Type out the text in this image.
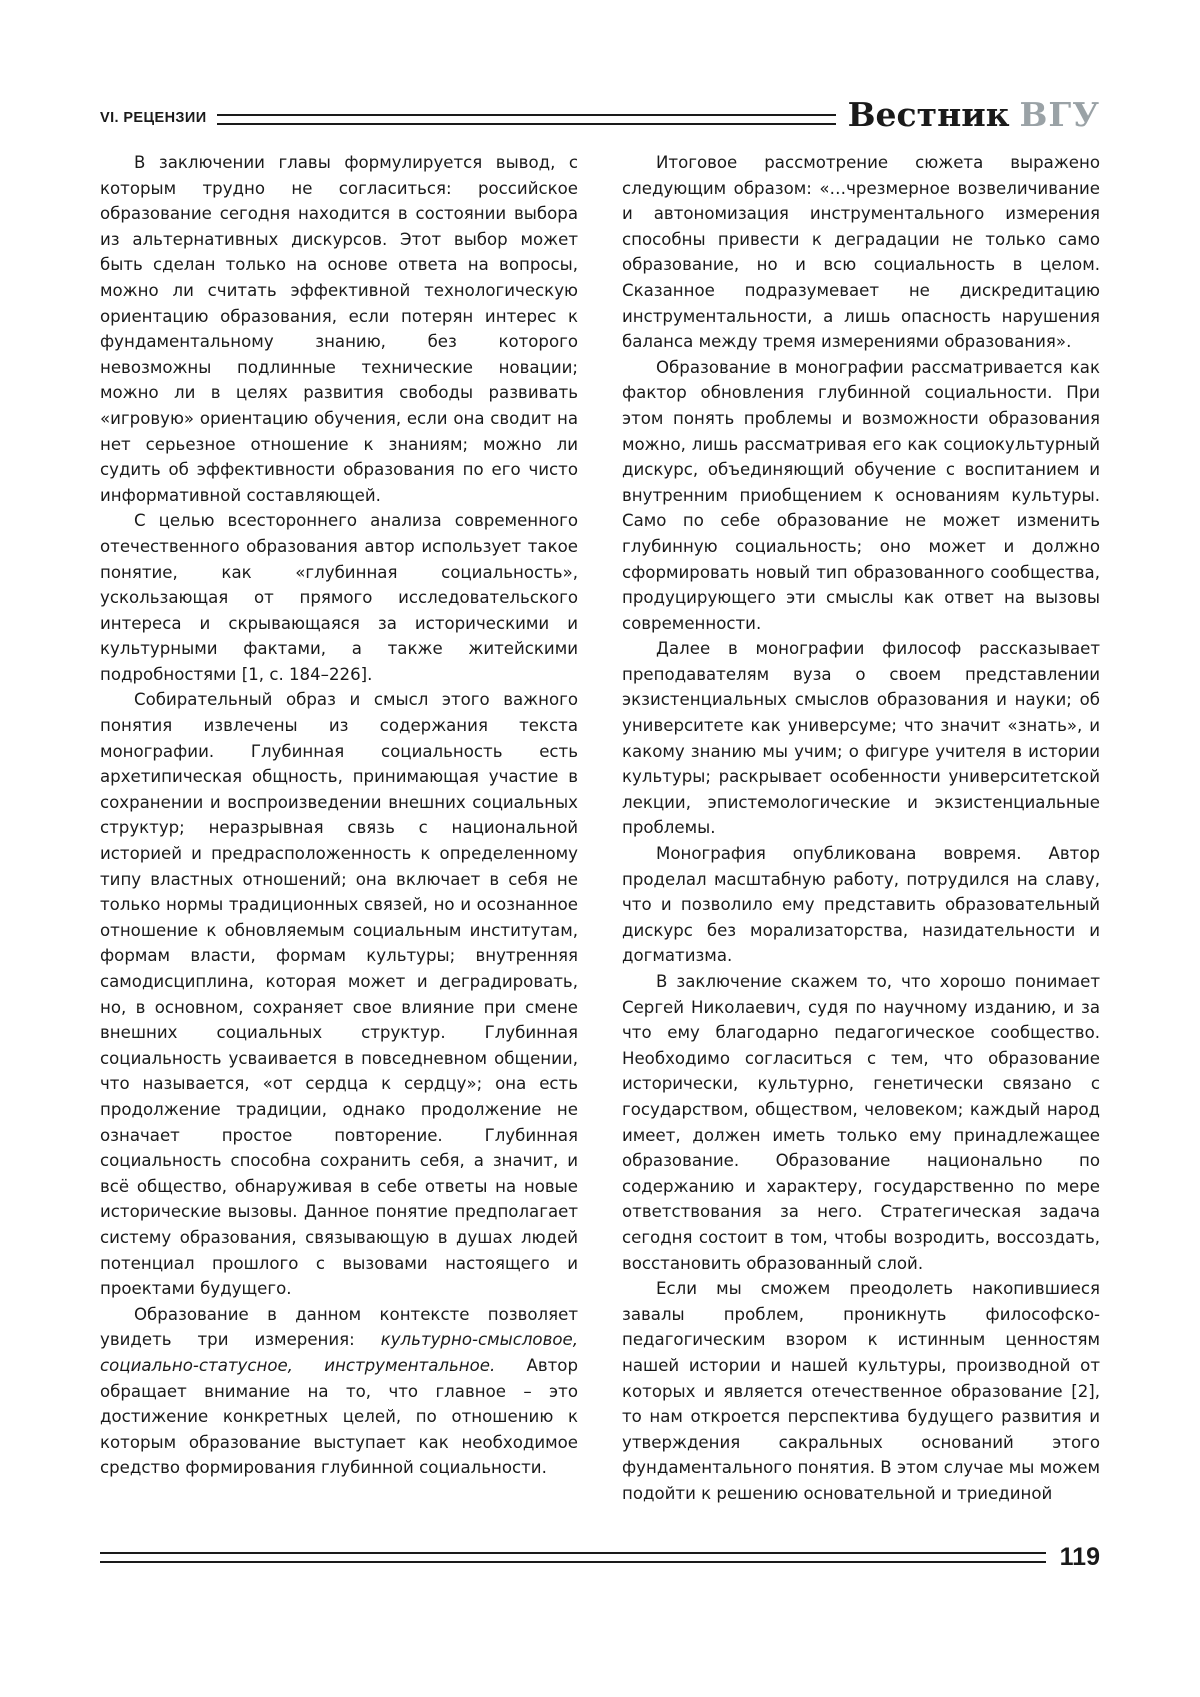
VI. РЕЦЕНЗИИ	Вестник ВГУ

В заключении главы формулируется вывод, с которым трудно не согласиться: российское образование сегодня находится в состоянии выбора из альтернативных дискурсов. Этот выбор может быть сделан только на основе ответа на вопросы, можно ли считать эффективной технологическую ориентацию образования, если потерян интерес к фундаментальному знанию, без которого невозможны подлинные технические новации; можно ли в целях развития свободы развивать «игровую» ориентацию обучения, если она сводит на нет серьезное отношение к знаниям; можно ли судить об эффективности образования по его чисто информативной составляющей.

С целью всестороннего анализа современного отечественного образования автор использует такое понятие, как «глубинная социальность», ускользающая от прямого исследовательского интереса и скрывающаяся за историческими и культурными фактами, а также житейскими подробностями [1, с. 184–226].

Собирательный образ и смысл этого важного понятия извлечены из содержания текста монографии. Глубинная социальность есть архетипическая общность, принимающая участие в сохранении и воспроизведении внешних социальных структур; неразрывная связь с национальной историей и предрасположенность к определенному типу властных отношений; она включает в себя не только нормы традиционных связей, но и осознанное отношение к обновляемым социальным институтам, формам власти, формам культуры; внутренняя самодисциплина, которая может и деградировать, но, в основном, сохраняет свое влияние при смене внешних социальных структур. Глубинная социальность усваивается в повседневном общении, что называется, «от сердца к сердцу»; она есть продолжение традиции, однако продолжение не означает простое повторение. Глубинная социальность способна сохранить себя, а значит, и всё общество, обнаруживая в себе ответы на новые исторические вызовы. Данное понятие предполагает систему образования, связывающую в душах людей потенциал прошлого с вызовами настоящего и проектами будущего.

Образование в данном контексте позволяет увидеть три измерения: культурно-смысловое, социально-статусное, инструментальное. Автор обращает внимание на то, что главное – это достижение конкретных целей, по отношению к которым образование выступает как необходимое средство формирования глубинной социальности.

Итоговое рассмотрение сюжета выражено следующим образом: «…чрезмерное возвеличивание и автономизация инструментального измерения способны привести к деградации не только само образование, но и всю социальность в целом. Сказанное подразумевает не дискредитацию инструментальности, а лишь опасность нарушения баланса между тремя измерениями образования».

Образование в монографии рассматривается как фактор обновления глубинной социальности. При этом понять проблемы и возможности образования можно, лишь рассматривая его как социокультурный дискурс, объединяющий обучение с воспитанием и внутренним приобщением к основаниям культуры. Само по себе образование не может изменить глубинную социальность; оно может и должно сформировать новый тип образованного сообщества, продуцирующего эти смыслы как ответ на вызовы современности.

Далее в монографии философ рассказывает преподавателям вуза о своем представлении экзистенциальных смыслов образования и науки; об университете как универсуме; что значит «знать», и какому знанию мы учим; о фигуре учителя в истории культуры; раскрывает особенности университетской лекции, эпистемологические и экзистенциальные проблемы.

Монография опубликована вовремя. Автор проделал масштабную работу, потрудился на славу, что и позволило ему представить образовательный дискурс без морализаторства, назидательности и догматизма.

В заключение скажем то, что хорошо понимает Сергей Николаевич, судя по научному изданию, и за что ему благодарно педагогическое сообщество. Необходимо согласиться с тем, что образование исторически, культурно, генетически связано с государством, обществом, человеком; каждый народ имеет, должен иметь только ему принадлежащее образование. Образование национально по содержанию и характеру, государственно по мере ответствования за него. Стратегическая задача сегодня состоит в том, чтобы возродить, воссоздать, восстановить образованный слой.

Если мы сможем преодолеть накопившиеся завалы проблем, проникнуть философско-педагогическим взором к истинным ценностям нашей истории и нашей культуры, производной от которых и является отечественное образование [2], то нам откроется перспектива будущего развития и утверждения сакральных оснований этого фундаментального понятия. В этом случае мы можем подойти к решению основательной и триединой

119
